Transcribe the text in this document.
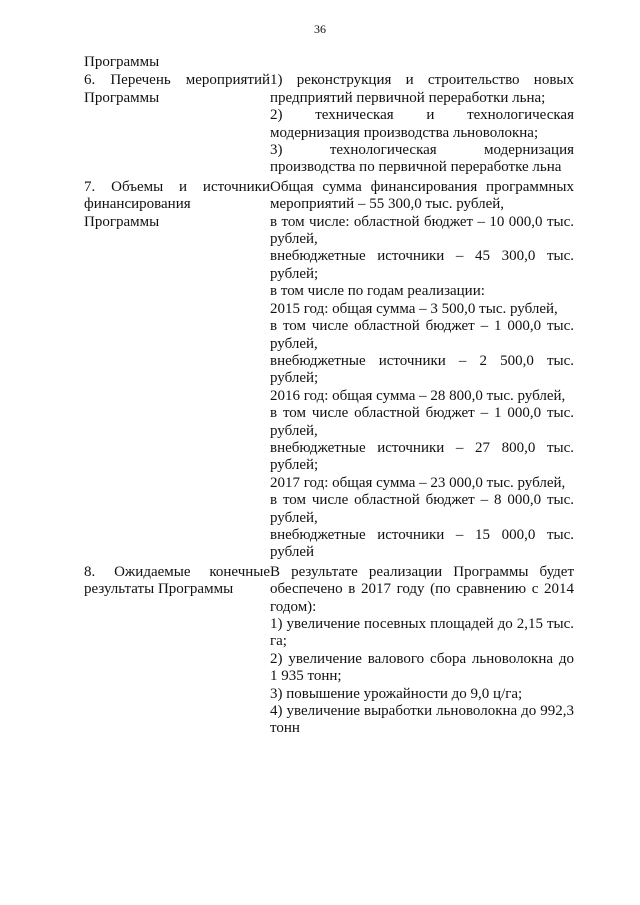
36
Программы
6. Перечень мероприятий
Программы
1) реконструкция и строительство новых предприятий первичной переработки льна;
2) техническая и технологическая модернизация производства льноволокна;
3) технологическая модернизация производства по первичной переработке льна
7. Объемы и источники
финансирования
Программы
Общая сумма финансирования программных мероприятий – 55 300,0 тыс. рублей,
в том числе: областной бюджет – 10 000,0 тыс. рублей,
внебюджетные источники – 45 300,0 тыс. рублей;
в том числе по годам реализации:
2015 год: общая сумма – 3 500,0 тыс. рублей,
в том числе областной бюджет – 1 000,0 тыс. рублей,
внебюджетные источники – 2 500,0 тыс. рублей;
2016 год: общая сумма – 28 800,0 тыс. рублей,
в том числе областной бюджет – 1 000,0 тыс. рублей,
внебюджетные источники – 27 800,0 тыс. рублей;
2017 год: общая сумма – 23 000,0 тыс. рублей,
в том числе областной бюджет – 8 000,0 тыс. рублей,
внебюджетные источники – 15 000,0 тыс. рублей
8. Ожидаемые конечные
результаты Программы
В результате реализации Программы будет обеспечено в 2017 году (по сравнению с 2014 годом):
1) увеличение посевных площадей до 2,15 тыс. га;
2) увеличение валового сбора льноволокна до 1 935 тонн;
3) повышение урожайности до 9,0 ц/га;
4) увеличение выработки льноволокна до 992,3 тонн
